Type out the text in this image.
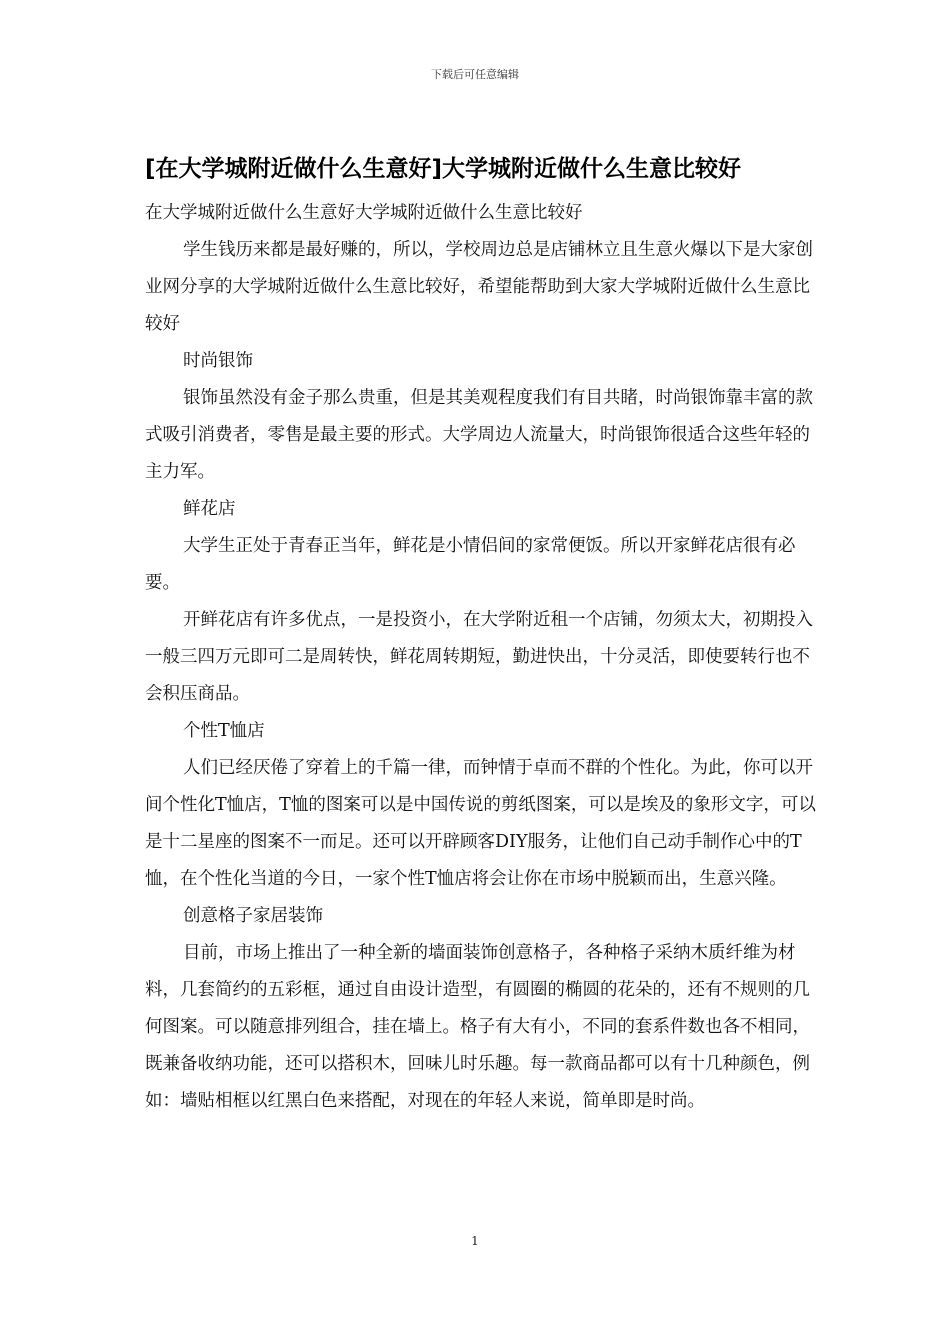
下载后可任意编辑
[在大学城附近做什么生意好]大学城附近做什么生意比较好

在大学城附近做什么生意好大学城附近做什么生意比较好

学生钱历来都是最好赚的，所以，学校周边总是店铺林立且生意火爆以下是大家创业网分享的大学城附近做什么生意比较好，希望能帮助到大家大学城附近做什么生意比较好

时尚银饰

银饰虽然没有金子那么贵重，但是其美观程度我们有目共睹，时尚银饰靠丰富的款式吸引消费者，零售是最主要的形式。大学周边人流量大，时尚银饰很适合这些年轻的主力军。

鲜花店

大学生正处于青春正当年，鲜花是小情侣间的家常便饭。所以开家鲜花店很有必要。

开鲜花店有许多优点，一是投资小，在大学附近租一个店铺，勿须太大，初期投入一般三四万元即可二是周转快，鲜花周转期短，勤进快出，十分灵活，即使要转行也不会积压商品。

个性T恤店

人们已经厌倦了穿着上的千篇一律，而钟情于卓而不群的个性化。为此，你可以开间个性化T恤店，T恤的图案可以是中国传说的剪纸图案，可以是埃及的象形文字，可以是十二星座的图案不一而足。还可以开辟顾客DIY服务，让他们自己动手制作心中的T恤，在个性化当道的今日，一家个性T恤店将会让你在市场中脱颖而出，生意兴隆。

创意格子家居装饰

目前，市场上推出了一种全新的墙面装饰创意格子，各种格子采纳木质纤维为材料，几套简约的五彩框，通过自由设计造型，有圆圈的椭圆的花朵的，还有不规则的几何图案。可以随意排列组合，挂在墙上。格子有大有小，不同的套系件数也各不相同，既兼备收纳功能，还可以搭积木，回味儿时乐趣。每一款商品都可以有十几种颜色，例如：墙贴相框以红黑白色来搭配，对现在的年轻人来说，简单即是时尚。

1
